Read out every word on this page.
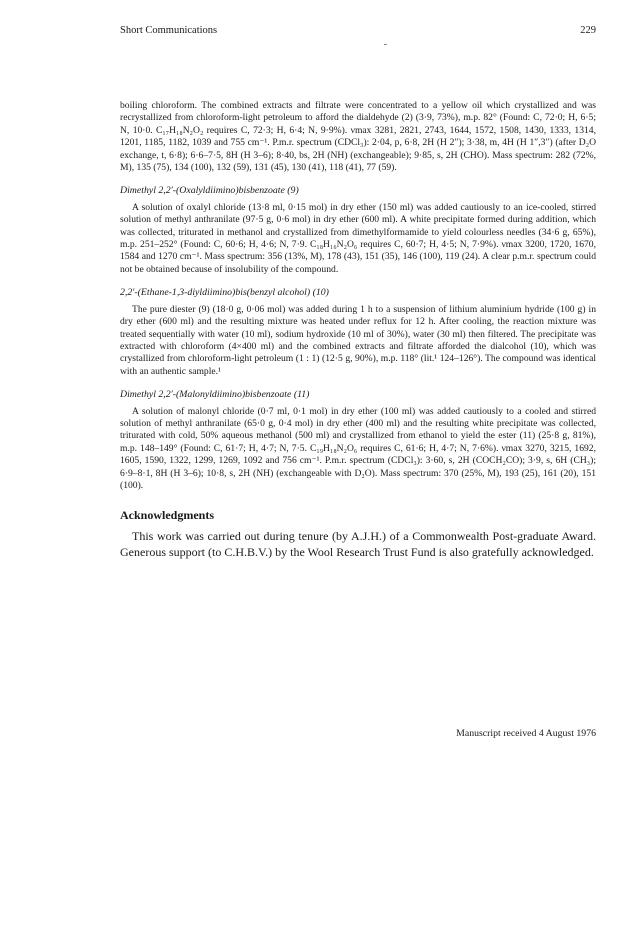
Short Communications	229

boiling chloroform. The combined extracts and filtrate were concentrated to a yellow oil which crystallized and was recrystallized from chloroform-light petroleum to afford the dialdehyde (2) (3·9, 73%), m.p. 82° (Found: C, 72·0; H, 6·5; N, 10·0. C₁₇H₁₈N₂O₂ requires C, 72·3; H, 6·4; N, 9·9%). νmax 3281, 2821, 2743, 1644, 1572, 1508, 1430, 1333, 1314, 1201, 1185, 1182, 1039 and 755 cm⁻¹. P.m.r. spectrum (CDCl₃): 2·04, p, 6·8, 2H (H 2″); 3·38, m, 4H (H 1″,3″) (after D₂O exchange, t, 6·8); 6·6–7·5, 8H (H 3–6); 8·40, bs, 2H (NH) (exchangeable); 9·85, s, 2H (CHO). Mass spectrum: 282 (72%, M), 135 (75), 134 (100), 132 (59), 131 (45), 130 (41), 118 (41), 77 (59).

Dimethyl 2,2′-(Oxalyldiimino)bisbenzoate (9)

A solution of oxalyl chloride (13·8 ml, 0·15 mol) in dry ether (150 ml) was added cautiously to an ice-cooled, stirred solution of methyl anthranilate (97·5 g, 0·6 mol) in dry ether (600 ml). A white precipitate formed during addition, which was collected, triturated in methanol and crystallized from dimethylformamide to yield colourless needles (34·6 g, 65%), m.p. 251–252° (Found: C, 60·6; H, 4·6; N, 7·9. C₁₈H₁₆N₂O₆ requires C, 60·7; H, 4·5; N, 7·9%). νmax 3200, 1720, 1670, 1584 and 1270 cm⁻¹. Mass spectrum: 356 (13%, M), 178 (43), 151 (35), 146 (100), 119 (24). A clear p.m.r. spectrum could not be obtained because of insolubility of the compound.

2,2′-(Ethane-1,3-diyldiimino)bis(benzyl alcohol) (10)

The pure diester (9) (18·0 g, 0·06 mol) was added during 1 h to a suspension of lithium aluminium hydride (100 g) in dry ether (600 ml) and the resulting mixture was heated under reflux for 12 h. After cooling, the reaction mixture was treated sequentially with water (10 ml), sodium hydroxide (10 ml of 30%), water (30 ml) then filtered. The precipitate was extracted with chloroform (4×400 ml) and the combined extracts and filtrate afforded the dialcohol (10), which was crystallized from chloroform-light petroleum (1 : 1) (12·5 g, 90%), m.p. 118° (lit.¹ 124–126°). The compound was identical with an authentic sample.¹

Dimethyl 2,2′-(Malonyldiimino)bisbenzoate (11)

A solution of malonyl chloride (0·7 ml, 0·1 mol) in dry ether (100 ml) was added cautiously to a cooled and stirred solution of methyl anthranilate (65·0 g, 0·4 mol) in dry ether (400 ml) and the resulting white precipitate was collected, triturated with cold, 50% aqueous methanol (500 ml) and crystallized from ethanol to yield the ester (11) (25·8 g, 81%), m.p. 148–149° (Found: C, 61·7; H, 4·7; N, 7·5. C₁₉H₁₈N₂O₆ requires C, 61·6; H, 4·7; N, 7·6%). νmax 3270, 3215, 1692, 1605, 1590, 1322, 1299, 1269, 1092 and 756 cm⁻¹. P.m.r. spectrum (CDCl₃): 3·60, s, 2H (COCH₂CO); 3·9, s, 6H (CH₃); 6·9–8·1, 8H (H 3–6); 10·8, s, 2H (NH) (exchangeable with D₂O). Mass spectrum: 370 (25%, M), 193 (25), 161 (20), 151 (100).

Acknowledgments

This work was carried out during tenure (by A.J.H.) of a Commonwealth Post-graduate Award. Generous support (to C.H.B.V.) by the Wool Research Trust Fund is also gratefully acknowledged.

Manuscript received 4 August 1976
